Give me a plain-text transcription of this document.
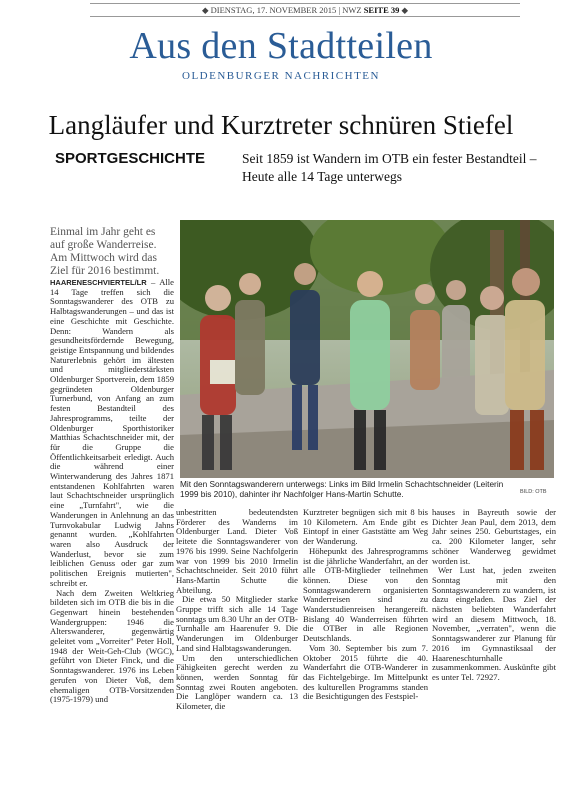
◆ DIENSTAG, 17. NOVEMBER 2015 | NWZ SEITE 39 ◆
Aus den Stadtteilen
OLDENBURGER NACHRICHTEN
Langläufer und Kurztreter schnüren Stiefel
SPORTGESCHICHTE	Seit 1859 ist Wandern im OTB ein fester Bestandteil – Heute alle 14 Tage unterwegs
Einmal im Jahr geht es auf große Wanderreise. Am Mittwoch wird das Ziel für 2016 bestimmt.

HAARENESCHVIERTEL/LR – Alle 14 Tage treffen sich die Sonntagswanderer des OTB zu Halbtagswanderungen – und das ist eine Geschichte mit Geschichte. Denn: Wandern als gesundheitsfördernde Bewegung, geistige Entspannung und bildendes Naturerlebnis gehört im ältesten und mitgliederstärksten Oldenburger Sportverein, dem 1859 gegründeten Oldenburger Turnerbund, von Anfang an zum festen Bestandteil des Jahresprogramms, teilte der Oldenburger Sporthistoriker Matthias Schachtschneider mit, der für die Gruppe die Öffentlichkeitsarbeit erledigt. Auch die während einer Winterwanderung des Jahres 1871 entstandenen Kohlfahrten waren laut Schachtschneider ursprünglich eine „Turnfahrt", wie die Wanderungen in Anlehnung an das Turnvokabular Ludwig Jahns genannt wurden. „Kohlfahrten waren also Ausdruck der Wanderlust, bevor sie zum leiblichen Genuss oder gar zum politischen Ereignis mutierten", schreibt er.

Nach dem Zweiten Weltkrieg bildeten sich im OTB die bis in die Gegenwart hinein bestehenden Wandergruppen: 1946 die Alterswanderer, gegenwärtig geleitet vom „Vorreiter" Peter Holl, 1948 der Weit-Geh-Club (WGC), geführt von Dieter Finck, und die Sonntagswanderer. 1976 ins Leben gerufen von Dieter Voß, dem ehemaligen OTB-Vorsitzenden (1975-1979) und

Mit den Sonntagswanderern unterwegs: Links im Bild Irmelin Schachtschneider (Leiterin 1999 bis 2010), dahinter ihr Nachfolger Hans-Martin Schutte.	BILD: OTB

unbestritten bedeutendsten Förderer des Wanderns im Oldenburger Land. Dieter Voß leitete die Sonntagswanderer von 1976 bis 1999. Seine Nachfolgerin war von 1999 bis 2010 Irmelin Schachtschneider. Seit 2010 führt Hans-Martin Schutte die Abteilung.

Die etwa 50 Mitglieder starke Gruppe trifft sich alle 14 Tage sonntags um 8.30 Uhr an der OTB-Turnhalle am Haarenufer 9. Die Wanderungen im Oldenburger Land sind Halbtagswanderungen.

Um den unterschiedlichen Fähigkeiten gerecht werden zu können, werden Sonntag für Sonntag zwei Routen angeboten. Die Langlöper wandern ca. 13 Kilometer, die

Kurztreter begnügen sich mit 8 bis 10 Kilometern. Am Ende gibt es Eintopf in einer Gaststätte am Weg der Wanderung.

Höhepunkt des Jahresprogramms ist die jährliche Wanderfahrt, an der alle OTB-Mitglieder teilnehmen können. Diese von den Sonntagswanderern organisierten Wanderreisen sind zu Wanderstudienreisen herangereift. Bislang 40 Wanderreisen führten die OTBer in alle Regionen Deutschlands.

Vom 30. September bis zum 7. Oktober 2015 führte die 40. Wanderfahrt die OTB-Wanderer in das Fichtelgebirge. Im Mittelpunkt des kulturellen Programms standen die Besichtigungen des Festspiel-

hauses in Bayreuth sowie der Dichter Jean Paul, dem 2013, dem Jahr seines 250. Geburtstages, ein ca. 200 Kilometer langer, sehr schöner Wanderweg gewidmet worden ist.

Wer Lust hat, jeden zweiten Sonntag mit den Sonntagswanderern zu wandern, ist dazu eingeladen. Das Ziel der nächsten beliebten Wanderfahrt wird an diesem Mittwoch, 18. November, „verraten", wenn die Sonntagswanderer zur Planung für 2016 im Gymnastiksaal der Haareneschturnhalle zusammenkommen. Auskünfte gibt es unter Tel. 72927.
